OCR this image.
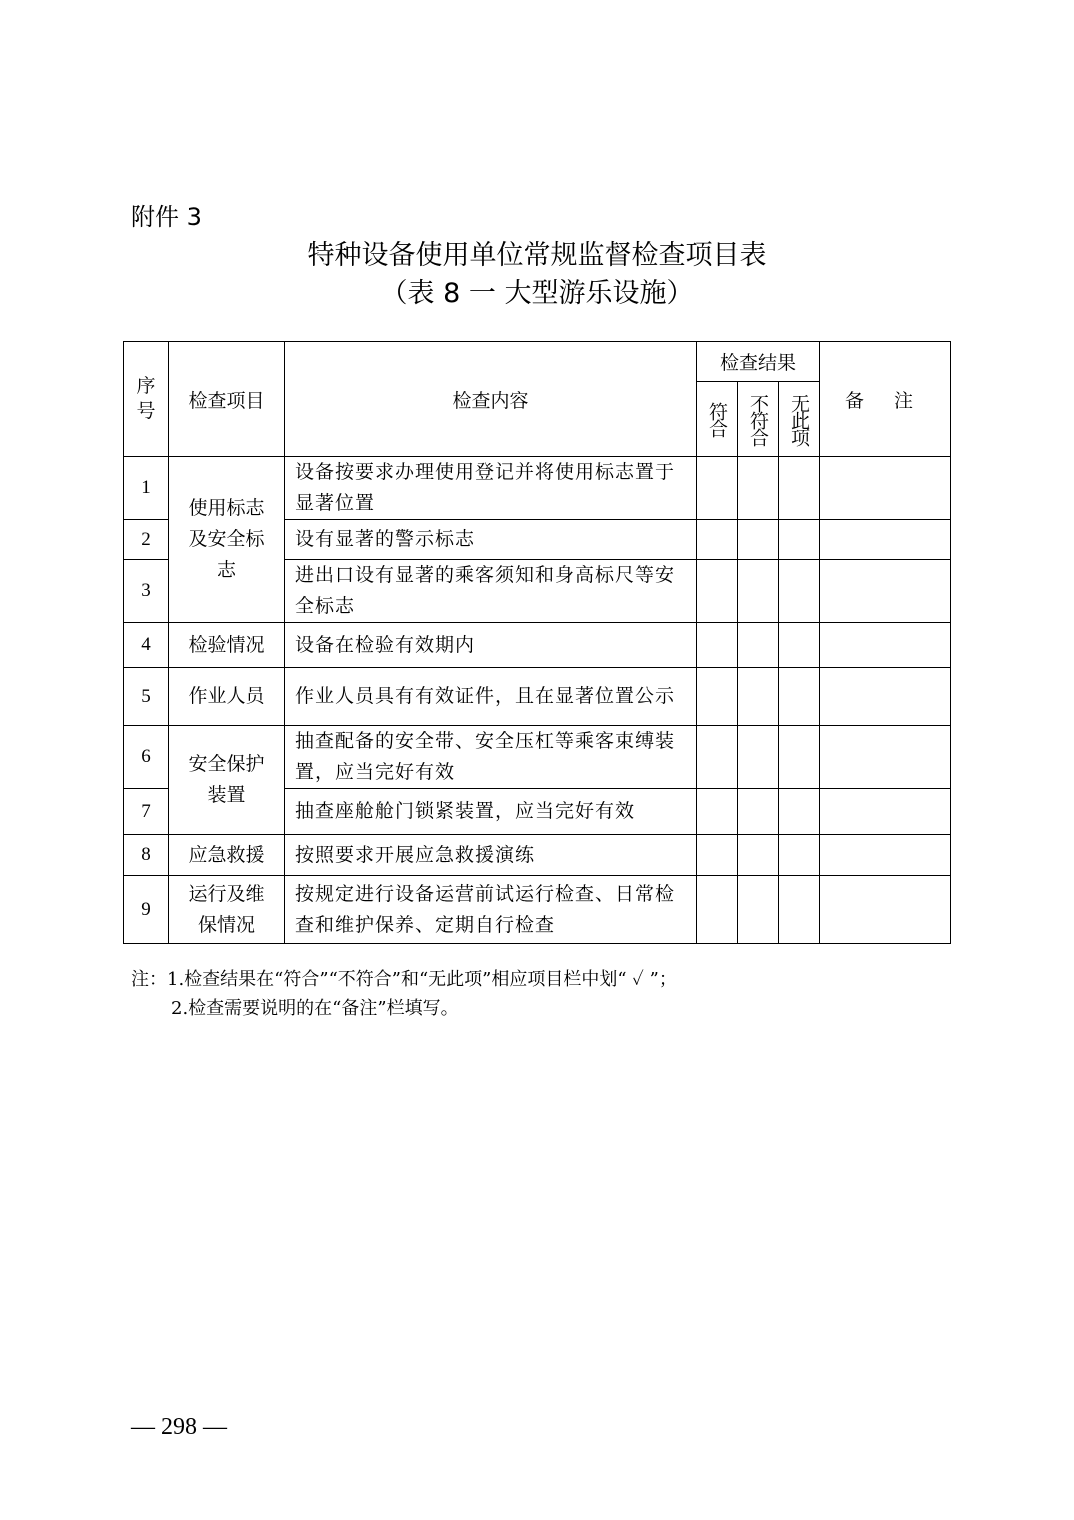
附件 3
特种设备使用单位常规监督检查项目表
（表 8 一 大型游乐设施）
序号	检查项目	检查内容	检查结果			备 注

			符合	不符合	无此项	

1	使用标志及安全标志	设备按要求办理使用登记并将使用标志置于显著位置				
2		设有显著的警示标志				
3		进出口设有显著的乘客须知和身高标尺等安全标志				
4	检验情况	设备在检验有效期内				
5	作业人员	作业人员具有有效证件，且在显著位置公示				
6	安全保护装置	抽查配备的安全带、安全压杠等乘客束缚装置，应当完好有效				
7		抽查座舱舱门锁紧装置，应当完好有效				
8	应急救援	按照要求开展应急救援演练				
9	运行及维保情况	按规定进行设备运营前试运行检查、日常检查和维护保养、定期自行检查				
注：1.检查结果在“符合”“不符合”和“无此项”相应项目栏中划“ ✓ ”；
2.检查需要说明的在“备注”栏填写。
— 298 —
